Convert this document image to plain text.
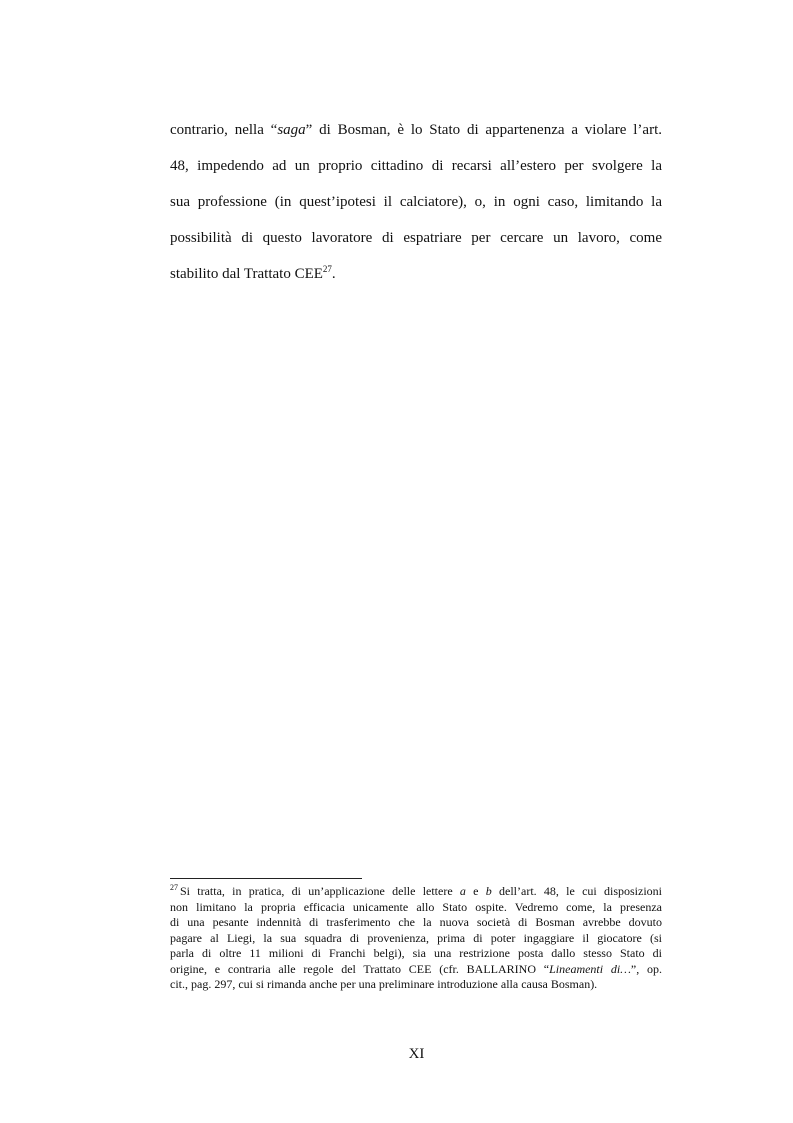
contrario, nella “saga” di Bosman, è lo Stato di appartenenza a violare l’art.
48, impedendo ad un proprio cittadino di recarsi all’estero per svolgere la
sua professione (in quest’ipotesi il calciatore), o, in ogni caso, limitando la
possibilità di questo lavoratore di espatriare per cercare un lavoro, come
stabilito dal Trattato CEE$^{27}$.
$^{27}$ Si tratta, in pratica, di un’applicazione delle lettere a e b dell’art. 48, le cui disposizioni
non limitano la propria efficacia unicamente allo Stato ospite. Vedremo come, la presenza
di una pesante indennità di trasferimento che la nuova società di Bosman avrebbe dovuto
pagare al Liegi, la sua squadra di provenienza, prima di poter ingaggiare il giocatore (si
parla di oltre 11 milioni di Franchi belgi), sia una restrizione posta dallo stesso Stato di
origine, e contraria alle regole del Trattato CEE (cfr. BALLARINO “Lineamenti di…”, op.
cit., pag. 297, cui si rimanda anche per una preliminare introduzione alla causa Bosman).
XI
